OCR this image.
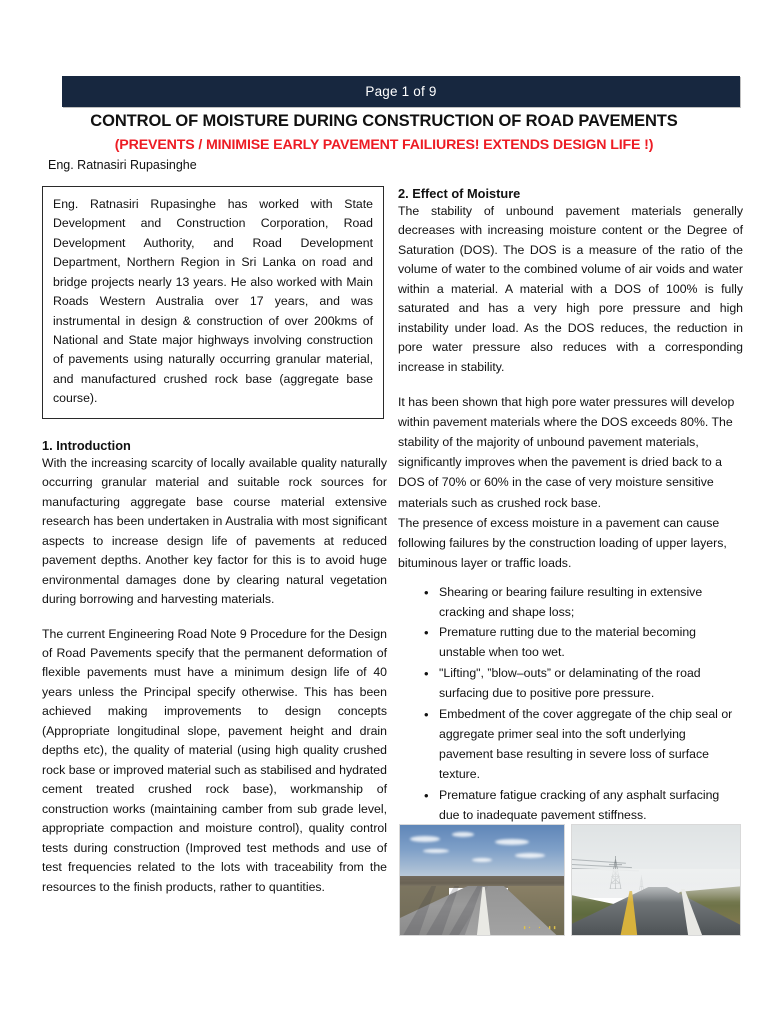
Page 1 of 9
CONTROL OF MOISTURE DURING CONSTRUCTION OF ROAD PAVEMENTS
(PREVENTS / MINIMISE EARLY PAVEMENT FAILIURES! EXTENDS DESIGN LIFE !)
Eng. Ratnasiri Rupasinghe

Eng. Ratnasiri Rupasinghe has worked with State Development and Construction Corporation, Road Development Authority, and Road Development Department, Northern Region in Sri Lanka on road and bridge projects nearly 13 years. He also worked with Main Roads Western Australia over 17 years, and was instrumental in design & construction of over 200kms of National and State major highways involving construction of pavements using naturally occurring granular material, and manufactured crushed rock base (aggregate base course).

1. Introduction

With the increasing scarcity of locally available quality naturally occurring granular material and suitable rock sources for manufacturing aggregate base course material extensive research has been undertaken in Australia with most significant aspects to increase design life of pavements at reduced pavement depths. Another key factor for this is to avoid huge environmental damages done by clearing natural vegetation during borrowing and harvesting materials.

The current Engineering Road Note 9 Procedure for the Design of Road Pavements specify that the permanent deformation of flexible pavements must have a minimum design life of 40 years unless the Principal specify otherwise. This has been achieved making improvements to design concepts (Appropriate longitudinal slope, pavement height and drain depths etc), the quality of material (using high quality crushed rock base or improved material such as stabilised and hydrated cement treated crushed rock base), workmanship of construction works (maintaining camber from sub grade level, appropriate compaction and moisture control), quality control tests during construction (Improved test methods and use of test frequencies related to the lots with traceability from the resources to the finish products, rather to quantities.

2. Effect of Moisture

The stability of unbound pavement materials generally decreases with increasing moisture content or the Degree of Saturation (DOS). The DOS is a measure of the ratio of the volume of water to the combined volume of air voids and water within a material. A material with a DOS of 100% is fully saturated and has a very high pore pressure and high instability under load. As the DOS reduces, the reduction in pore water pressure also reduces with a corresponding increase in stability.

It has been shown that high pore water pressures will develop within pavement materials where the DOS exceeds 80%. The stability of the majority of unbound pavement materials, significantly improves when the pavement is dried back to a DOS of 70% or 60% in the case of very moisture sensitive materials such as crushed rock base.

The presence of excess moisture in a pavement can cause following failures by the construction loading of upper layers, bituminous layer or traffic loads.

• Shearing or bearing failure resulting in extensive cracking and shape loss;
• Premature rutting due to the material becoming unstable when too wet.
• "Lifting", ”blow–outs” or delaminating of the road surfacing due to positive pore pressure.
• Embedment of the cover aggregate of the chip seal or aggregate primer seal into the soft underlying pavement base resulting in severe loss of surface texture.
• Premature fatigue cracking of any asphalt surfacing due to inadequate pavement stiffness.
▮▪ ▪ ▮▮
